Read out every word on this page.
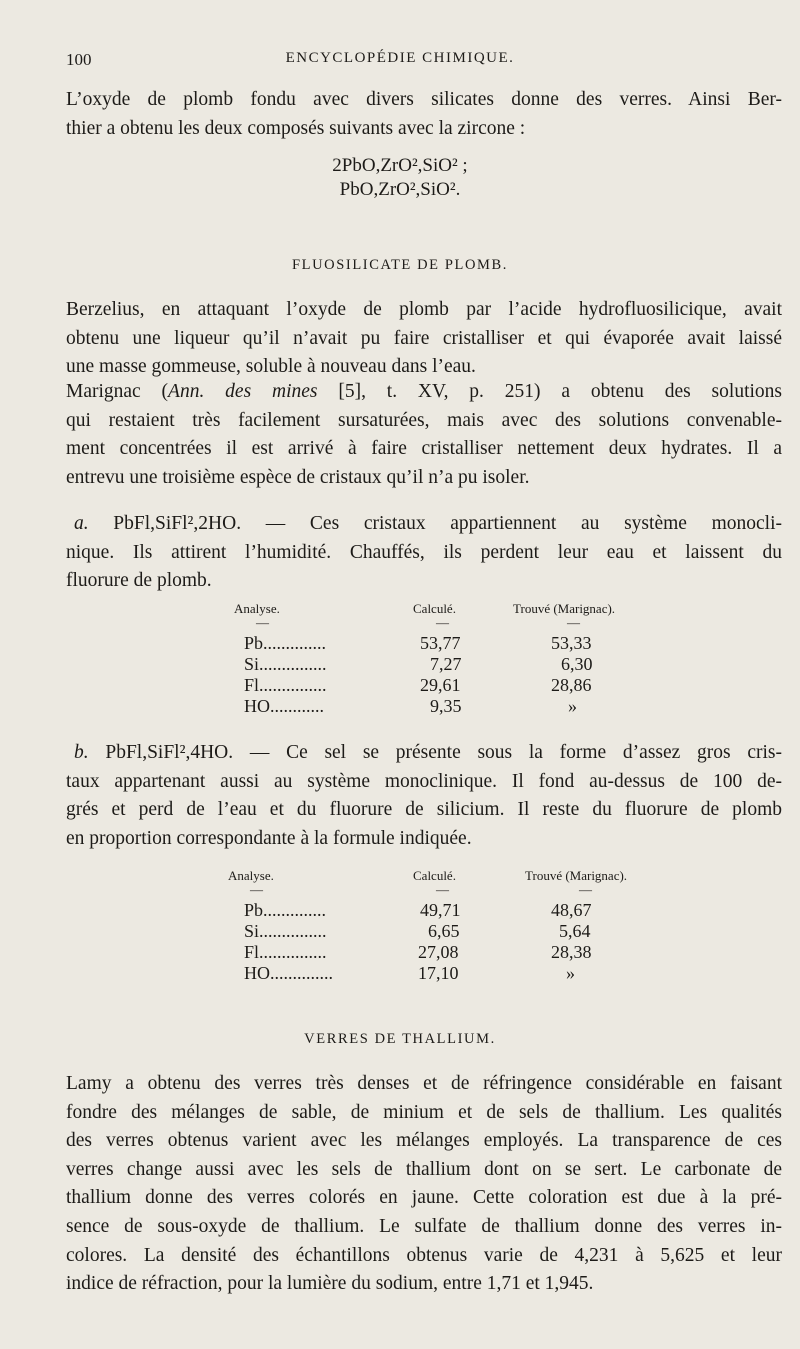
100	ENCYCLOPÉDIE CHIMIQUE.
L’oxyde de plomb fondu avec divers silicates donne des verres. Ainsi Ber-
thier a obtenu les deux composés suivants avec la zircone :
2PbO,ZrO²,SiO² ;
PbO,ZrO²,SiO².
FLUOSILICATE DE PLOMB.
Berzelius, en attaquant l’oxyde de plomb par l’acide hydrofluosilicique, avait
obtenu une liqueur qu’il n’avait pu faire cristalliser et qui évaporée avait laissé
une masse gommeuse, soluble à nouveau dans l’eau.
Marignac (Ann. des mines [5], t. XV, p. 251) a obtenu des solutions
qui restaient très facilement sursaturées, mais avec des solutions convenable-
ment concentrées il est arrivé à faire cristalliser nettement deux hydrates. Il a
entrevu une troisième espèce de cristaux qu’il n’a pu isoler.
a. PbFl,SiFl²,2HO. — Ces cristaux appartiennent au système monocli-
nique. Ils attirent l’humidité. Chauffés, ils perdent leur eau et laissent du
fluorure de plomb.
Analyse.	Calculé.	Trouvé (Marignac).
—	—	—
Pb..............	53,77	53,33
Si...............	7,27	6,30
Fl...............	29,61	28,86
HO............	9,35	»
b. PbFl,SiFl²,4HO. — Ce sel se présente sous la forme d’assez gros cris-
taux appartenant aussi au système monoclinique. Il fond au-dessus de 100 de-
grés et perd de l’eau et du fluorure de silicium. Il reste du fluorure de plomb
en proportion correspondante à la formule indiquée.
Analyse.	Calculé.	Trouvé (Marignac).
—	—	—
Pb..............	49,71	48,67
Si...............	6,65	5,64
Fl...............	27,08	28,38
HO..............	17,10	»
VERRES DE THALLIUM.
Lamy a obtenu des verres très denses et de réfringence considérable en faisant
fondre des mélanges de sable, de minium et de sels de thallium. Les qualités
des verres obtenus varient avec les mélanges employés. La transparence de ces
verres change aussi avec les sels de thallium dont on se sert. Le carbonate de
thallium donne des verres colorés en jaune. Cette coloration est due à la pré-
sence de sous-oxyde de thallium. Le sulfate de thallium donne des verres in-
colores. La densité des échantillons obtenus varie de 4,231 à 5,625 et leur
indice de réfraction, pour la lumière du sodium, entre 1,71 et 1,945.
